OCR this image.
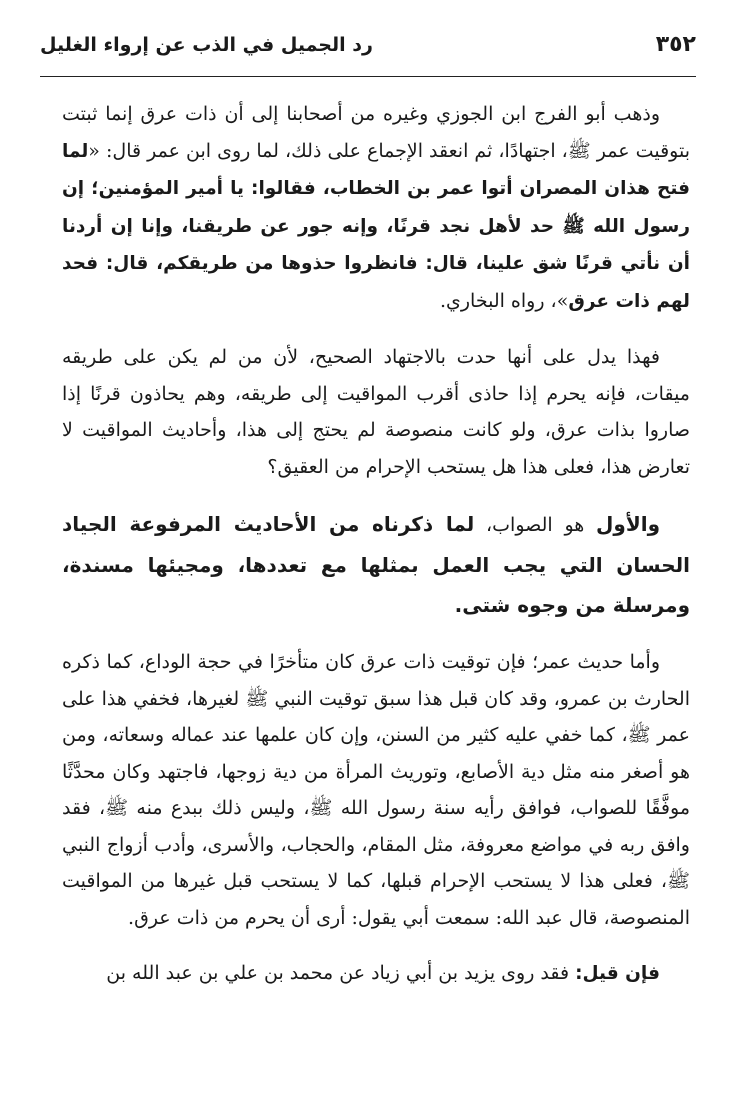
٣٥٢
رد الجميل في الذب عن إرواء الغليل

وذهب أبو الفرج ابن الجوزي وغيره من أصحابنا إلى أن ذات عرق إنما ثبتت بتوقيت عمر ﷺ، اجتهادًا، ثم انعقد الإجماع على ذلك، لما روى ابن عمر قال: «لما فتح هذان المصران أتوا عمر بن الخطاب، فقالوا: يا أمير المؤمنين؛ إن رسول الله ﷺ حد لأهل نجد قرنًا، وإنه جور عن طريقنا، وإنا إن أردنا أن نأتي قرنًا شق علينا، قال: فانظروا حذوها من طريقكم، قال: فحد لهم ذات عرق»، رواه البخاري.

فهذا يدل على أنها حدت بالاجتهاد الصحيح، لأن من لم يكن على طريقه ميقات، فإنه يحرم إذا حاذى أقرب المواقيت إلى طريقه، وهم يحاذون قرنًا إذا صاروا بذات عرق، ولو كانت منصوصة لم يحتج إلى هذا، وأحاديث المواقيت لا تعارض هذا، فعلى هذا هل يستحب الإحرام من العقيق؟

والأول هو الصواب، لما ذكرناه من الأحاديث المرفوعة الجياد الحسان التي يجب العمل بمثلها مع تعددها، ومجيئها مسندة، ومرسلة من وجوه شتى.

وأما حديث عمر؛ فإن توقيت ذات عرق كان متأخرًا في حجة الوداع، كما ذكره الحارث بن عمرو، وقد كان قبل هذا سبق توقيت النبي ﷺ لغيرها، فخفي هذا على عمر ﷺ، كما خفي عليه كثير من السنن، وإن كان علمها عند عماله وسعاته، ومن هو أصغر منه مثل دية الأصابع، وتوريث المرأة من دية زوجها، فاجتهد وكان محدَّثًا موفَّقًا للصواب، فوافق رأيه سنة رسول الله ﷺ، وليس ذلك ببدع منه ﷺ، فقد وافق ربه في مواضع معروفة، مثل المقام، والحجاب، والأسرى، وأدب أزواج النبي ﷺ، فعلى هذا لا يستحب الإحرام قبلها، كما لا يستحب قبل غيرها من المواقيت المنصوصة، قال عبد الله: سمعت أبي يقول: أرى أن يحرم من ذات عرق.

فإن قيل: فقد روى يزيد بن أبي زياد عن محمد بن علي بن عبد الله بن
